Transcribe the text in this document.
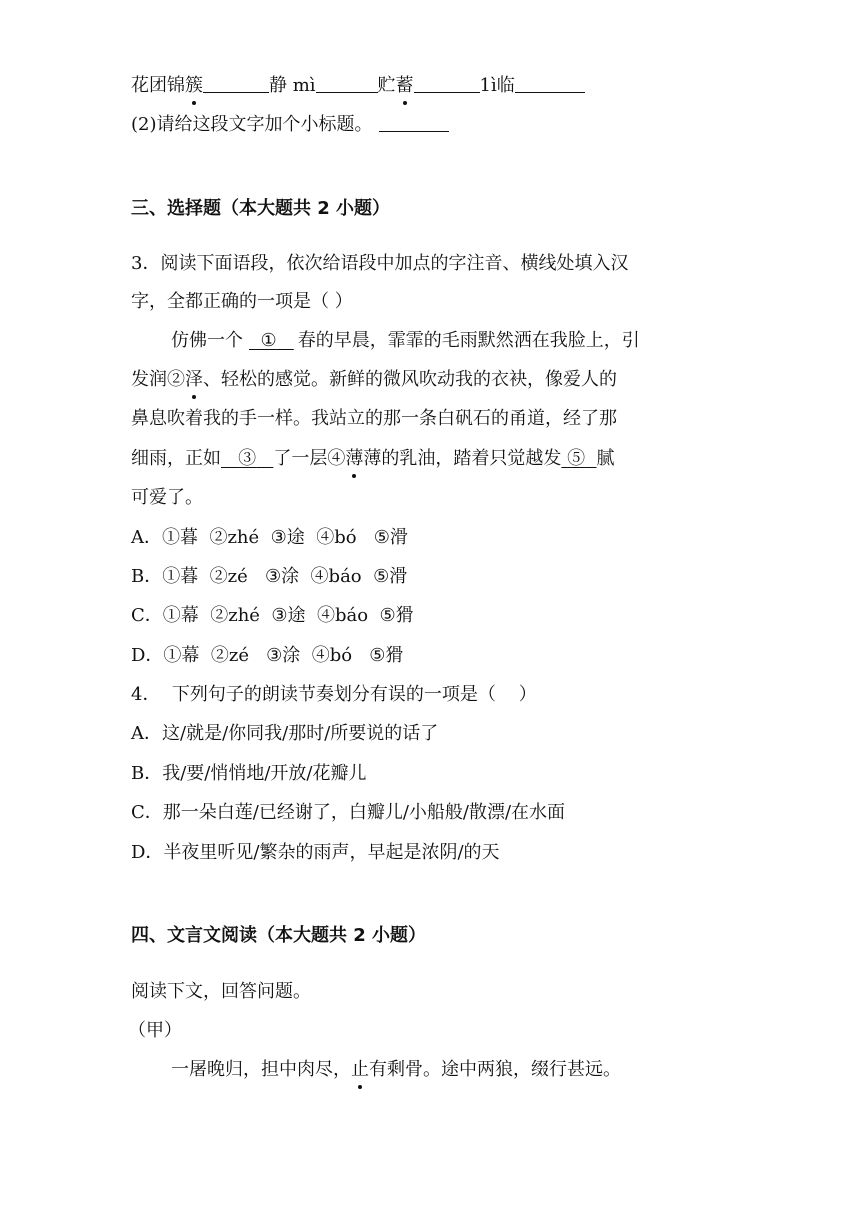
花团锦簇	静 mì	贮蓄	1ì临
(2)请给这段文字加个小标题。
三、选择题（本大题共 2 小题）
3．阅读下面语段，依次给语段中加点的字注音、横线处填入汉
字，全都正确的一项是（ ）
仿佛一个 ① 春的早晨，霏霏的毛雨默然洒在我脸上，引
发润②泽、轻松的感觉。新鲜的微风吹动我的衣袂，像爱人的
鼻息吹着我的手一样。我站立的那一条白矾石的甬道，经了那
细雨，正如 ③ 了一层④薄薄的乳油，踏着只觉越发 ⑤ 腻
可爱了。
A．①暮  ②zhé  ③途  ④bó   ⑤滑
B．①暮  ②zé   ③涂  ④báo  ⑤滑
C．①幕  ②zhé  ③途  ④báo  ⑤猾
D．①幕  ②zé   ③涂  ④bó   ⑤猾
4．  下列句子的朗读节奏划分有误的一项是（    ）
A．这/就是/你同我/那时/所要说的话了
B．我/要/悄悄地/开放/花瓣儿
C．那一朵白莲/已经谢了，白瓣儿/小船般/散漂/在水面
D．半夜里听见/繁杂的雨声，早起是浓阴/的天
四、文言文阅读（本大题共 2 小题）
阅读下文，回答问题。
（甲）
一屠晚归，担中肉尽，止有剩骨。途中两狼，缀行甚远。
